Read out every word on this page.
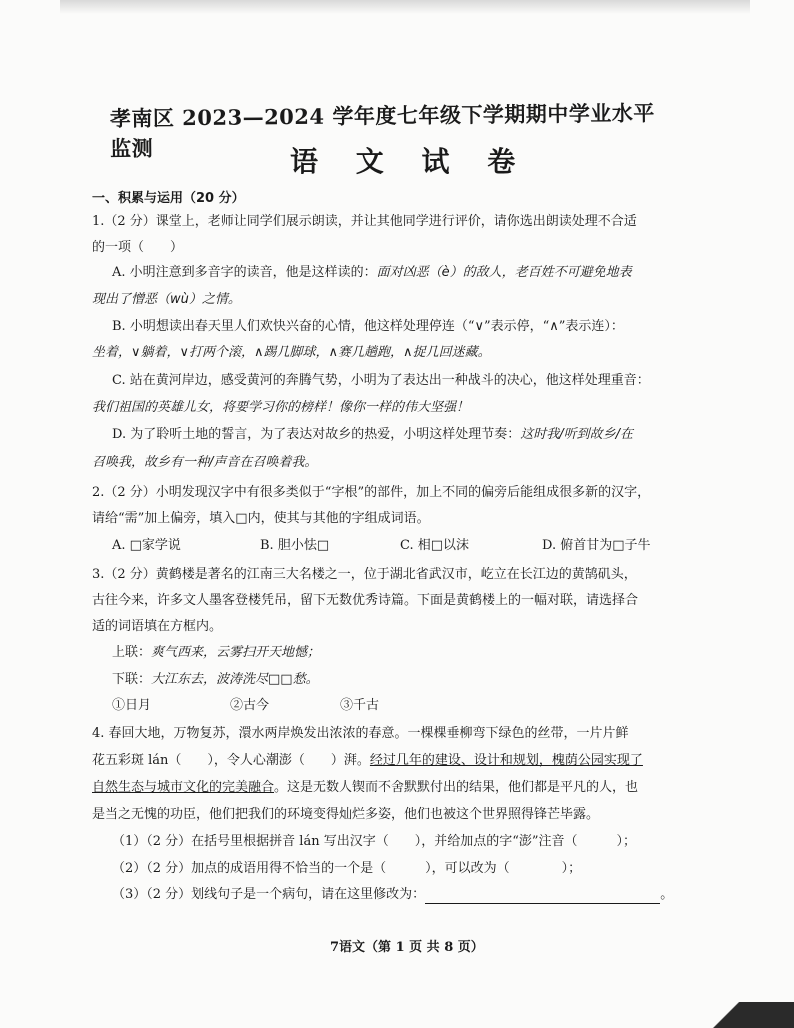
孝南区 2023—2024 学年度七年级下学期期中学业水平监测	语 文 试 卷
一、积累与运用（20 分）
1.（2 分）课堂上，老师让同学们展示朗读，并让其他同学进行评价，请你选出朗读处理不合适
的一项（　　）
A. 小明注意到多音字的读音，他是这样读的：面对凶恶（è）的敌人，老百姓不可避免地表
现出了憎恶（wù）之情。
B. 小明想读出春天里人们欢快兴奋的心情，他这样处理停连（“∨”表示停，“∧”表示连）：
坐着，∨躺着，∨打两个滚，∧踢几脚球，∧赛几趟跑，∧捉几回迷藏。
C. 站在黄河岸边，感受黄河的奔腾气势，小明为了表达出一种战斗的决心，他这样处理重音：
我们祖国的英雄儿女，将要学习你的榜样！像你一样的伟大坚强！
D. 为了聆听土地的誓言，为了表达对故乡的热爱，小明这样处理节奏：这时我/听到故乡/在
召唤我，故乡有一种/声音在召唤着我。
2.（2 分）小明发现汉字中有很多类似于“字根”的部件，加上不同的偏旁后能组成很多新的汉字，
请给“需”加上偏旁，填入□内，使其与其他的字组成词语。
A. □家学说	B. 胆小怯□	C. 相□以沫	D. 俯首甘为□子牛
3.（2 分）黄鹤楼是著名的江南三大名楼之一，位于湖北省武汉市，屹立在长江边的黄鹄矶头，
古往今来，许多文人墨客登楼凭吊，留下无数优秀诗篇。下面是黄鹤楼上的一幅对联，请选择合
适的词语填在方框内。
上联：爽气西来，云雾扫开天地憾；
下联：大江东去，波涛洗尽□□愁。
①日月	②古今	③千古
4. 春回大地，万物复苏，澴水两岸焕发出浓浓的春意。一棵棵垂柳弯下绿色的丝带，一片片鲜
花五彩斑 lán（　　），令人心潮澎（　　）湃。经过几年的建设、设计和规划，槐荫公园实现了
自然生态与城市文化的完美融合。这是无数人锲而不舍默默付出的结果，他们都是平凡的人，也
是当之无愧的功臣，他们把我们的环境变得灿烂多姿，他们也被这个世界照得锋芒毕露。
（1）（2 分）在括号里根据拼音 lán 写出汉字（　　），并给加点的字“澎”注音（　　　）；
（2）（2 分）加点的成语用得不恰当的一个是（　　　），可以改为（　　　　）；
（3）（2 分）划线句子是一个病句，请在这里修改为：	。
7语文（第 1 页 共 8 页）
